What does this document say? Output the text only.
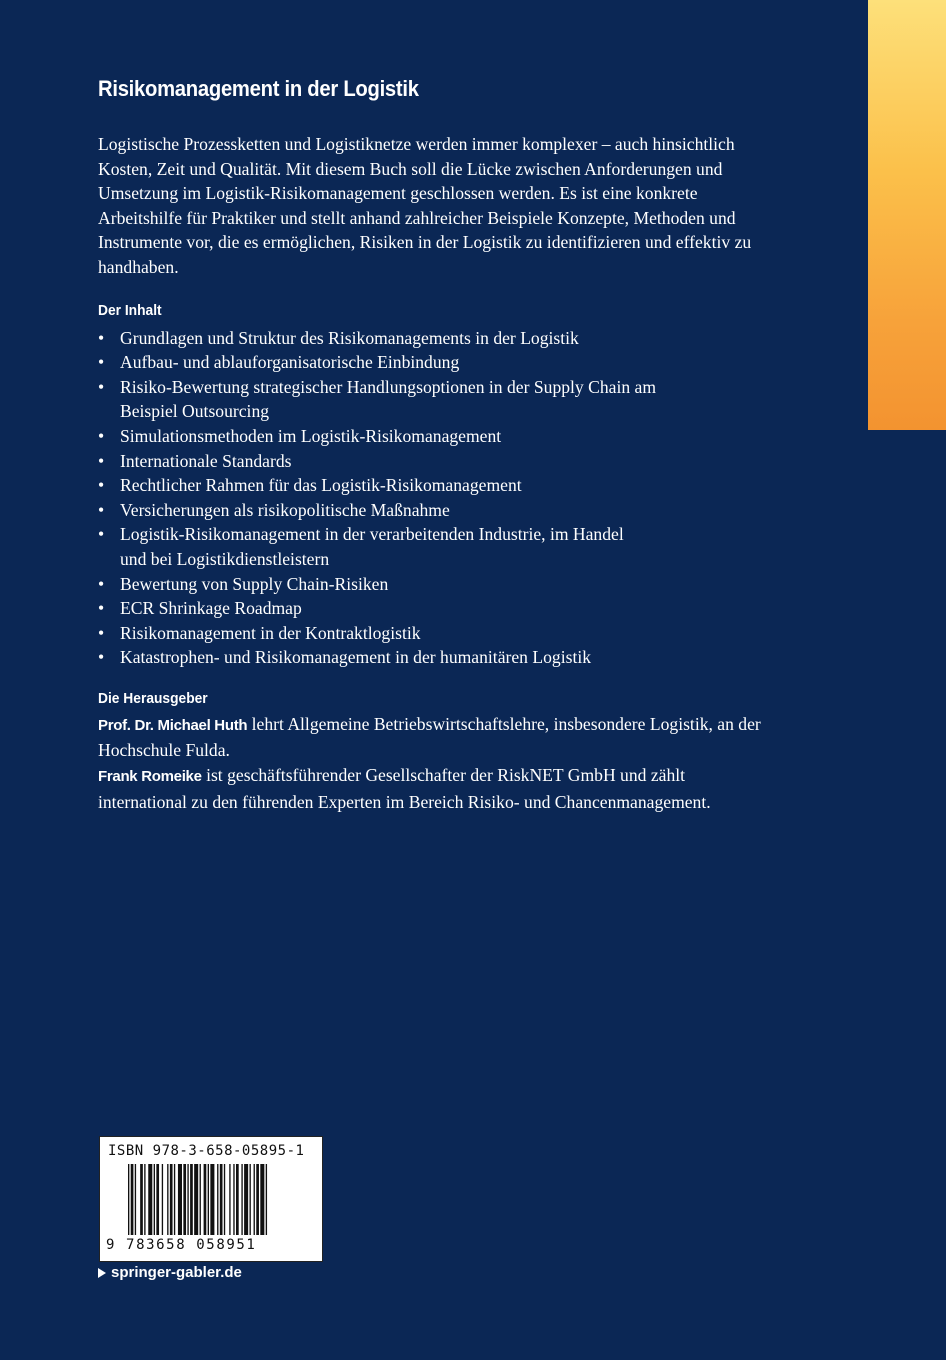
Risikomanagement in der Logistik

Logistische Prozessketten und Logistiknetze werden immer komplexer – auch hinsichtlich Kosten, Zeit und Qualität. Mit diesem Buch soll die Lücke zwischen Anforderungen und Umsetzung im Logistik-Risikomanagement geschlossen werden. Es ist eine konkrete Arbeitshilfe für Praktiker und stellt anhand zahlreicher Beispiele Konzepte, Methoden und Instrumente vor, die es ermöglichen, Risiken in der Logistik zu identifizieren und effektiv zu handhaben.

Der Inhalt
• Grundlagen und Struktur des Risikomanagements in der Logistik
• Aufbau- und ablauforganisatorische Einbindung
• Risiko-Bewertung strategischer Handlungsoptionen in der Supply Chain am Beispiel Outsourcing
• Simulationsmethoden im Logistik-Risikomanagement
• Internationale Standards
• Rechtlicher Rahmen für das Logistik-Risikomanagement
• Versicherungen als risikopolitische Maßnahme
• Logistik-Risikomanagement in der verarbeitenden Industrie, im Handel und bei Logistikdienstleistern
• Bewertung von Supply Chain-Risiken
• ECR Shrinkage Roadmap
• Risikomanagement in der Kontraktlogistik
• Katastrophen- und Risikomanagement in der humanitären Logistik
Die Herausgeber

Prof. Dr. Michael Huth lehrt Allgemeine Betriebswirtschaftslehre, insbesondere Logistik, an der Hochschule Fulda.

Frank Romeike ist geschäftsführender Gesellschafter der RiskNET GmbH und zählt international zu den führenden Experten im Bereich Risiko- und Chancenmanagement.

ISBN 978-3-658-05895-1
9 783658 058951
springer-gabler.de
